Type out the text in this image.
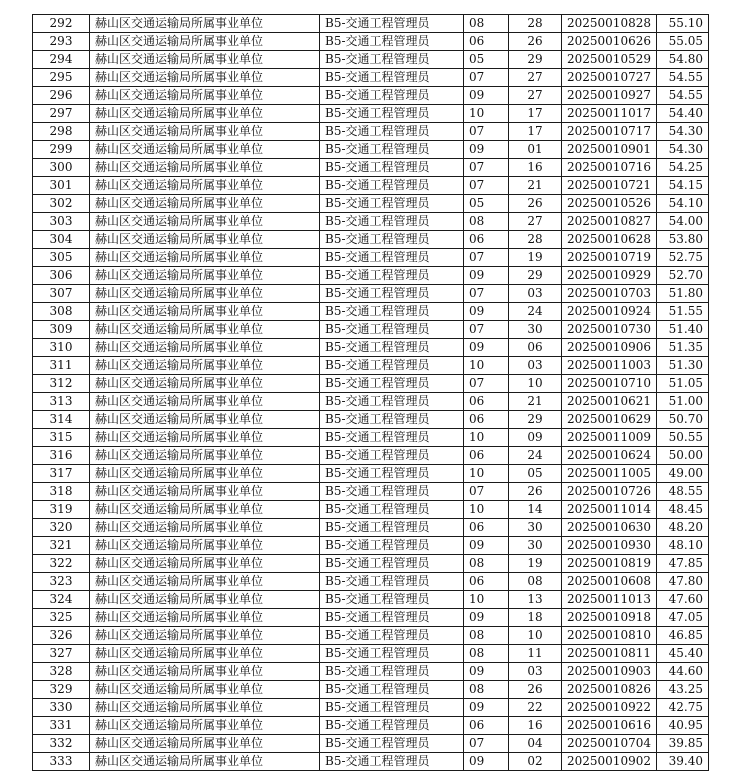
292	赫山区交通运输局所属事业单位	B5-交通工程管理员	08	28	20250010828	55.10
293	赫山区交通运输局所属事业单位	B5-交通工程管理员	06	26	20250010626	55.05
294	赫山区交通运输局所属事业单位	B5-交通工程管理员	05	29	20250010529	54.80
295	赫山区交通运输局所属事业单位	B5-交通工程管理员	07	27	20250010727	54.55
296	赫山区交通运输局所属事业单位	B5-交通工程管理员	09	27	20250010927	54.55
297	赫山区交通运输局所属事业单位	B5-交通工程管理员	10	17	20250011017	54.40
298	赫山区交通运输局所属事业单位	B5-交通工程管理员	07	17	20250010717	54.30
299	赫山区交通运输局所属事业单位	B5-交通工程管理员	09	01	20250010901	54.30
300	赫山区交通运输局所属事业单位	B5-交通工程管理员	07	16	20250010716	54.25
301	赫山区交通运输局所属事业单位	B5-交通工程管理员	07	21	20250010721	54.15
302	赫山区交通运输局所属事业单位	B5-交通工程管理员	05	26	20250010526	54.10
303	赫山区交通运输局所属事业单位	B5-交通工程管理员	08	27	20250010827	54.00
304	赫山区交通运输局所属事业单位	B5-交通工程管理员	06	28	20250010628	53.80
305	赫山区交通运输局所属事业单位	B5-交通工程管理员	07	19	20250010719	52.75
306	赫山区交通运输局所属事业单位	B5-交通工程管理员	09	29	20250010929	52.70
307	赫山区交通运输局所属事业单位	B5-交通工程管理员	07	03	20250010703	51.80
308	赫山区交通运输局所属事业单位	B5-交通工程管理员	09	24	20250010924	51.55
309	赫山区交通运输局所属事业单位	B5-交通工程管理员	07	30	20250010730	51.40
310	赫山区交通运输局所属事业单位	B5-交通工程管理员	09	06	20250010906	51.35
311	赫山区交通运输局所属事业单位	B5-交通工程管理员	10	03	20250011003	51.30
312	赫山区交通运输局所属事业单位	B5-交通工程管理员	07	10	20250010710	51.05
313	赫山区交通运输局所属事业单位	B5-交通工程管理员	06	21	20250010621	51.00
314	赫山区交通运输局所属事业单位	B5-交通工程管理员	06	29	20250010629	50.70
315	赫山区交通运输局所属事业单位	B5-交通工程管理员	10	09	20250011009	50.55
316	赫山区交通运输局所属事业单位	B5-交通工程管理员	06	24	20250010624	50.00
317	赫山区交通运输局所属事业单位	B5-交通工程管理员	10	05	20250011005	49.00
318	赫山区交通运输局所属事业单位	B5-交通工程管理员	07	26	20250010726	48.55
319	赫山区交通运输局所属事业单位	B5-交通工程管理员	10	14	20250011014	48.45
320	赫山区交通运输局所属事业单位	B5-交通工程管理员	06	30	20250010630	48.20
321	赫山区交通运输局所属事业单位	B5-交通工程管理员	09	30	20250010930	48.10
322	赫山区交通运输局所属事业单位	B5-交通工程管理员	08	19	20250010819	47.85
323	赫山区交通运输局所属事业单位	B5-交通工程管理员	06	08	20250010608	47.80
324	赫山区交通运输局所属事业单位	B5-交通工程管理员	10	13	20250011013	47.60
325	赫山区交通运输局所属事业单位	B5-交通工程管理员	09	18	20250010918	47.05
326	赫山区交通运输局所属事业单位	B5-交通工程管理员	08	10	20250010810	46.85
327	赫山区交通运输局所属事业单位	B5-交通工程管理员	08	11	20250010811	45.40
328	赫山区交通运输局所属事业单位	B5-交通工程管理员	09	03	20250010903	44.60
329	赫山区交通运输局所属事业单位	B5-交通工程管理员	08	26	20250010826	43.25
330	赫山区交通运输局所属事业单位	B5-交通工程管理员	09	22	20250010922	42.75
331	赫山区交通运输局所属事业单位	B5-交通工程管理员	06	16	20250010616	40.95
332	赫山区交通运输局所属事业单位	B5-交通工程管理员	07	04	20250010704	39.85
333	赫山区交通运输局所属事业单位	B5-交通工程管理员	09	02	20250010902	39.40
